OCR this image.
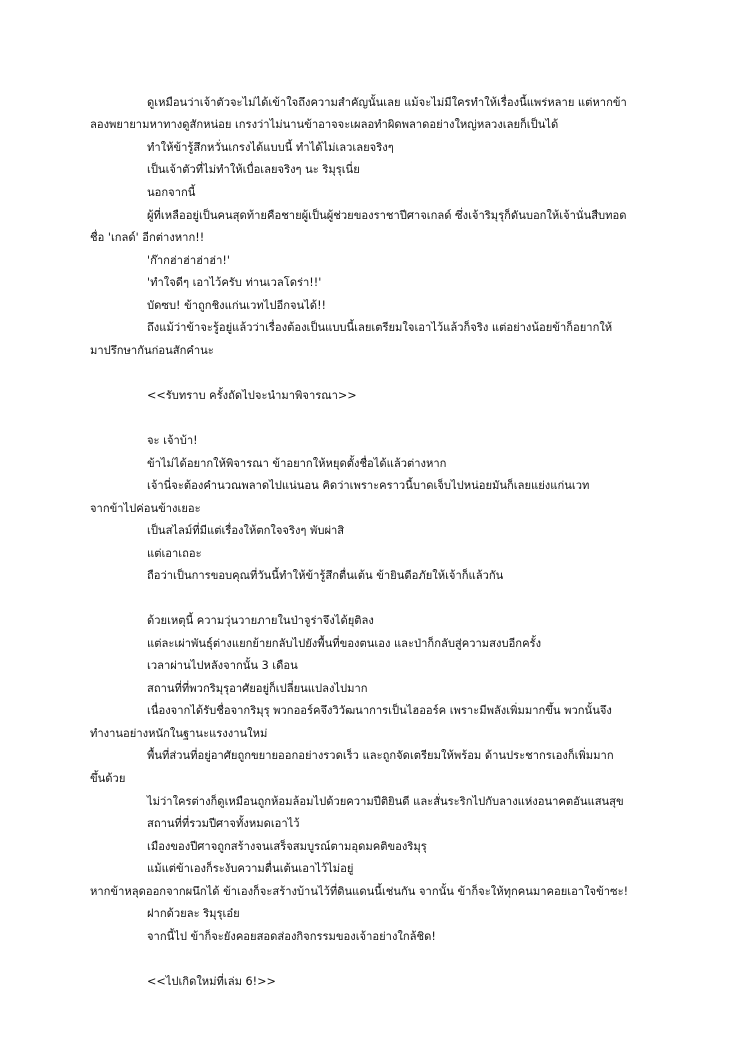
ดูเหมือนว่าเจ้าตัวจะไม่ได้เข้าใจถึงความสำคัญนั้นเลย แม้จะไม่มีใครทำให้เรื่องนี้แพร่หลาย แต่หากข้า

ลองพยายามหาทางดูสักหน่อย เกรงว่าไม่นานข้าอาจจะเผลอทำผิดพลาดอย่างใหญ่หลวงเลยก็เป็นได้

ทำให้ข้ารู้สึกหวั่นเกรงได้แบบนี้ ทำได้ไม่เลวเลยจริงๆ

เป็นเจ้าตัวที่ไม่ทำให้เบื่อเลยจริงๆ นะ ริมุรุเนี่ย

นอกจากนี้

ผู้ที่เหลืออยู่เป็นคนสุดท้ายคือชายผู้เป็นผู้ช่วยของราชาปีศาจเกลด์ ซึ่งเจ้าริมุรุก็ดันบอกให้เจ้านั่นสืบทอด

ชื่อ 'เกลด์' อีกต่างหาก!!

'ก๊ากฮ่าฮ่าฮ่าฮ่า!'

'ทำใจดีๆ เอาไว้ครับ ท่านเวลโดร่า!!'

บัดซบ! ข้าถูกชิงแก่นเวทไปอีกจนได้!!

ถึงแม้ว่าข้าจะรู้อยู่แล้วว่าเรื่องต้องเป็นแบบนี้เลยเตรียมใจเอาไว้แล้วก็จริง แต่อย่างน้อยข้าก็อยากให้

มาปรึกษากันก่อนสักคำนะ

<<รับทราบ ครั้งถัดไปจะนำมาพิจารณา>>

จะ เจ้าบ้า!

ข้าไม่ได้อยากให้พิจารณา ข้าอยากให้หยุดตั้งชื่อได้แล้วต่างหาก

เจ้านี่จะต้องคำนวณพลาดไปแน่นอน คิดว่าเพราะคราวนี้บาดเจ็บไปหน่อยมันก็เลยแย่งแก่นเวท

จากข้าไปค่อนข้างเยอะ

เป็นสไลม์ที่มีแต่เรื่องให้ตกใจจริงๆ พับผ่าสิ

แต่เอาเถอะ

ถือว่าเป็นการขอบคุณที่วันนี้ทำให้ข้ารู้สึกตื่นเต้น ข้ายินดีอภัยให้เจ้าก็แล้วกัน

ด้วยเหตุนี้ ความวุ่นวายภายในป่าจูร่าจึงได้ยุติลง

แต่ละเผ่าพันธุ์ต่างแยกย้ายกลับไปยังพื้นที่ของตนเอง และป่าก็กลับสู่ความสงบอีกครั้ง

เวลาผ่านไปหลังจากนั้น 3 เดือน

สถานที่ที่พวกริมุรุอาศัยอยู่ก็เปลี่ยนแปลงไปมาก

เนื่องจากได้รับชื่อจากริมุรุ พวกออร์คจึงวิวัฒนาการเป็นไฮออร์ค เพราะมีพลังเพิ่มมากขึ้น พวกนั้นจึง

ทำงานอย่างหนักในฐานะแรงงานใหม่

พื้นที่ส่วนที่อยู่อาศัยถูกขยายออกอย่างรวดเร็ว และถูกจัดเตรียมให้พร้อม ด้านประชากรเองก็เพิ่มมาก

ขึ้นด้วย

ไม่ว่าใครต่างก็ดูเหมือนถูกห้อมล้อมไปด้วยความปีติยินดี และสั่นระริกไปกับลางแห่งอนาคตอันแสนสุข

สถานที่ที่รวมปีศาจทั้งหมดเอาไว้

เมืองของปีศาจถูกสร้างจนเสร็จสมบูรณ์ตามอุดมคติของริมุรุ

แม้แต่ข้าเองก็ระงับความตื่นเต้นเอาไว้ไม่อยู่

หากข้าหลุดออกจากผนึกได้ ข้าเองก็จะสร้างบ้านไว้ที่ดินแดนนี้เช่นกัน จากนั้น ข้าก็จะให้ทุกคนมาคอยเอาใจข้าซะ!

ฝากด้วยละ ริมุรุเอ๋ย

จากนี้ไป ข้าก็จะยังคอยสอดส่องกิจกรรมของเจ้าอย่างใกล้ชิด!

<<ไปเกิดใหม่ที่เล่ม 6!>>
